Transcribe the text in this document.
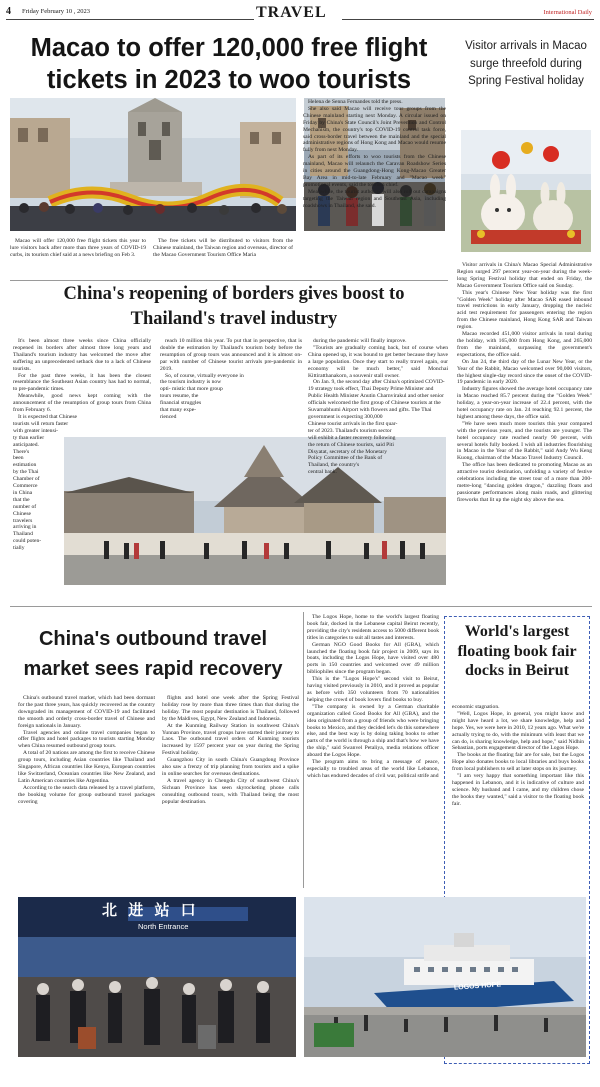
4 Friday February 10 , 2023	TRAVEL	International Daily
Macao to offer 120,000 free flight tickets in 2023 to woo tourists

Macao will offer 120,000 free flight tickets this year to lure visitors back after more than three years of COVID-19 curbs, its tourism chief said at a news briefing on Feb 3.

The free tickets will be distributed to visitors from the Chinese mainland, the Taiwan region and overseas, director of the Macao Government Tourism Office Maria

Helena de Senna Fernandes told the press.

She also said Macao will receive tour groups from the Chinese mainland starting next Monday. A circular issued on Friday by China's State Council's Joint Prevention and Control Mechanism, the country's top COVID-19 control task force, said cross-border travel between the mainland and the special administrative regions of Hong Kong and Macao would resume fully from next Monday.

As part of its efforts to woo tourists from the Chinese mainland, Macao will relaunch the Caravan Roadshow Series in cities around the Guangdong-Hong Kong-Macao Greater Bay Area in mid-to-late February and "Macao week" promotional events, said the tourism chief.

Meanwhile, the tourist authority will also roll out campaigns targeting the Taiwan region and Southeast Asia, including roadshows in Thailand, she said.

Visitor arrivals in Macao surge threefold during Spring Festival holiday
China's reopening of borders gives boost to Thailand's travel industry

It's been almost three weeks since China officially reopened its borders after almost three long years and Thailand's tourism industry has welcomed the move after suffering an unprecedented setback due to a lack of Chinese tourists.

For the past three weeks, it has been the closest resemblance the Southeast Asian country has had to normal, to pre-pandemic times.

Meanwhile, good news kept coming with the announcement of the resumption of group tours from China from February 6.

It is expected that Chinese
tourists will return faster
with greater intensi-
ty than earlier
anticipated.
There's
been
estimation
by the Thai
Chamber of
Commerce
in China
that the
number of
Chinese
travelers
arriving in
Thailand
could poten-
tially

reach 10 million this year. To put that in perspective, that is double the estimation by Thailand's tourism body before the resumption of group tours was announced and it is almost on-par with number of Chinese tourist arrivals pre-pandemic in 2019.

So, of course, virtually everyone in
the tourism industry is now
opti- mistic that more group
tours resume, the
financial struggles
that many expe-
rienced

during the pandemic will finally improve.

"Tourists are gradually coming back, but of course when China opened up, it was bound to get better because they have a large population. Once they start to really travel again, our economy will be much better," said Monchai Kittiratthanakorn, a souvenir stall owner.

On Jan. 9, the second day after China's optimized COVID-19 strategy took effect, Thai Deputy Prime Minister and Public Health Minister Anutin Charnvirakul and other senior officials welcomed the first group of Chinese tourists at the Suvarnabhumi Airport with flowers and gifts. The Thai government is expecting 300,000
Chinese tourist arrivals in the first quar-
ter of 2023. Thailand's tourism sector
will exhibit a faster recovery following
the return of Chinese tourists, said Piti
Disyatat, secretary of the Monetary
Policy Committee of the Bank of
Thailand, the country's
central bank.

Visitor arrivals in China's Macao Special Administrative Region surged 297 percent year-on-year during the week-long Spring Festival holiday that ended on Friday, the Macao Government Tourism Office said on Sunday.

This year's Chinese New Year holiday was the first "Golden Week" holiday after Macao SAR eased inbound travel restrictions in early January, dropping the nucleic acid test requirement for passengers entering the region from the Chinese mainland, Hong Kong SAR and Taiwan region.

Macao recorded 451,000 visitor arrivals in total during the holiday, with 165,000 from Hong Kong, and 265,000 from the mainland, surpassing the government's expectations, the office said.

On Jan 24, the third day of the Lunar New Year, or the Year of the Rabbit, Macao welcomed over 90,000 visitors, the highest single-day record since the onset of the COVID-19 pandemic in early 2020.

Industry figures showed the average hotel occupancy rate in Macao reached 85.7 percent during the "Golden Week" holiday, a year-on-year increase of 22.4 percent, with the hotel occupancy rate on Jan. 24 reaching 92.1 percent, the highest among these days, the office said.

"We have seen much more tourists this year compared with the previous years, and the tourists are younger. The hotel occupancy rate reached nearly 90 percent, with several hotels fully booked. I wish all industries flourishing in Macao in the Year of the Rabbit," said Andy Wu Keng Kuong, chairman of the Macao Travel Industry Council.

The office has been dedicated to promoting Macao as an attractive tourist destination, unfolding a variety of festive celebrations including the street tour of a more than 200-metre-long "dancing golden dragon," dazzling floats and passionate performances along main roads, and glittering fireworks that lit up the night sky above the sea.

China's outbound travel market sees rapid recovery

China's outbound travel market, which had been dormant for the past three years, has quickly recovered as the country downgraded its management of COVID-19 and facilitated the smooth and orderly cross-border travel of Chinese and foreign nationals in January.

Travel agencies and online travel companies began to offer flights and hotel packages to tourists starting Monday when China resumed outbound group tours.

A total of 20 nations are among the first to receive Chinese group tours, including Asian countries like Thailand and Singapore, African countries like Kenya, European countries like Switzerland, Oceanian countries like New Zealand, and Latin American countries like Argentina.

According to the search data released by a travel platform, the booking volume for group outbound travel packages covering

flights and hotel one week after the Spring Festival holiday rose by more than three times than that during the holiday. The most popular destination is Thailand, followed by the Maldives, Egypt, New Zealand and Indonesia.

At the Kunming Railway Station in southwest China's Yunnan Province, travel groups have started their journey to Laos. The outbound travel orders of Kunming tourists increased by 1597 percent year on year during the Spring Festival holiday.

Guangzhou City in south China's Guangdong Province also saw a frenzy of trip planning from tourists and a spike in online searches for overseas destinations.

A travel agency in Chengdu City of southwest China's Sichuan Province has seen skyrocketing phone calls consulting outbound tours, with Thailand being the most popular destination.

北 进 站 口
North Entrance

The Logos Hope, home to the world's largest floating book fair, docked in the Lebanese capital Beirut recently, providing the city's residents access to 5000 different book titles in categories to suit all tastes and interests.

German NGO Good Books for All (GBA), which launched the floating book fair project in 2009, says its boats, including the Logos Hope, have visited over 480 ports in 150 countries and welcomed over 49 million bibliophiles since the program began.

This is the "Logos Hope's" second visit to Beirut, having visited previously in 2010, and it proved as popular as before with 350 volunteers from 70 nationalities helping the crowd of book lovers find books to buy.

"The company is owned by a German charitable organization called Good Books for All (GBA), and the idea originated from a group of friends who were bringing books to Mexico, and they decided let's do this somewhere else, and the best way is by doing taking books to other parts of the world is through a ship and that's how we have the ship," said Swanvel Petaliya, media relations officer aboard the Logos Hope.

The program aims to bring a message of peace, especially to troubled areas of the world like Lebanon, which has endured decades of civil war, political strife and

World's largest floating book fair docks in Beirut

economic stagnation.

"Well, Logos Hope, in general, you might know and might have heard a lot, we share knowledge, help and hope. Yes, we were here in 2010, 12 years ago. What we're actually trying to do, with the minimum with least that we can do, is sharing knowledge, help and hope," said Nidhin Sebastian, ports engagement director of the Logos Hope.

The books at the floating fair are for sale, but the Logos Hope also donates books to local libraries and buys books from local publishers to sell at later stops on its journey.

"I am very happy that something important like this happened in Lebanon, and it is indicative of culture and science. My husband and I came, and my children chose the books they wanted," said a visitor to the floating book fair.

LOGOS HOPE
